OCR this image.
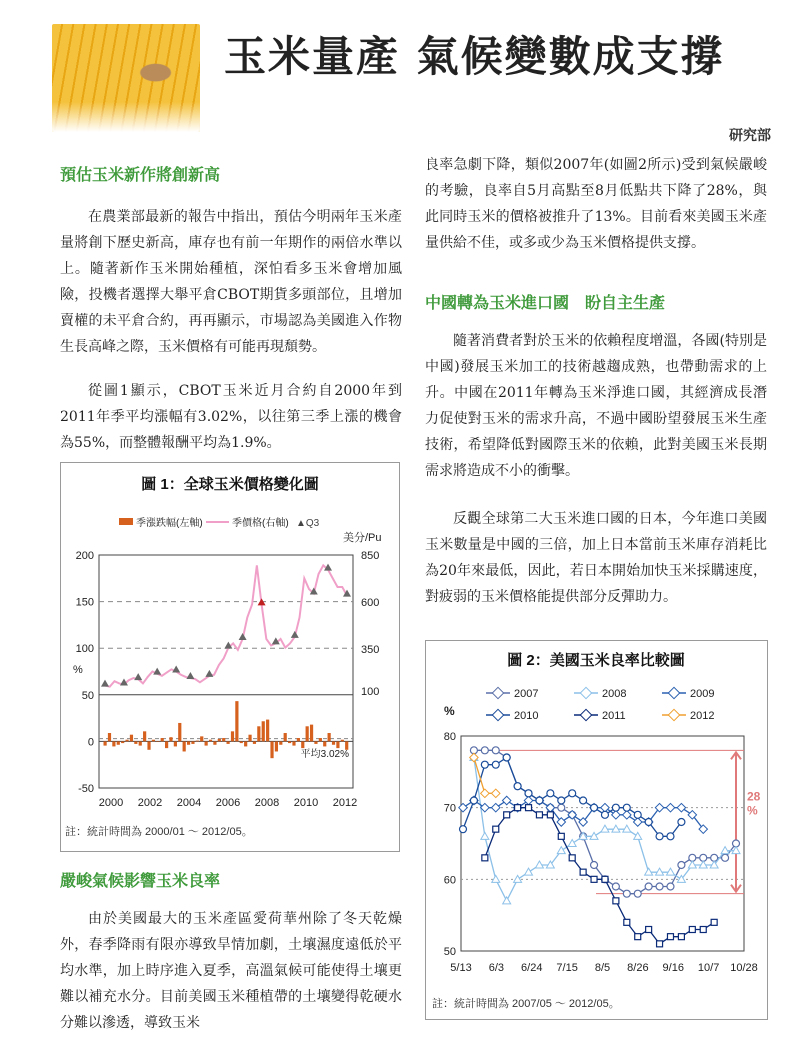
玉米量產 氣候變數成支撐
研究部
預估玉米新作將創新高
在農業部最新的報告中指出，預估今明兩年玉米產量將創下歷史新高，庫存也有前一年期作的兩倍水準以上。隨著新作玉米開始種植，深怕看多玉米會增加風險，投機者選擇大舉平倉CBOT期貨多頭部位，且增加賣權的未平倉合約，再再顯示，市場認為美國進入作物生長高峰之際，玉米價格有可能再現頹勢。
從圖1顯示，CBOT玉米近月合約自2000年到2011年季平均漲幅有3.02%，以往第三季上漲的機會為55%，而整體報酬平均為1.9%。
圖 1：全球玉米價格變化圖
季漲跌幅(左軸)	季價格(右軸) ▲Q3
美分/Pu
%
200
150
100
50
0
-50
850
600
350
100
平均3.02%
2000 2002 2004 2006 2008 2010 2012
註：統計時間為 2000/01 ～ 2012/05。
嚴峻氣候影響玉米良率
由於美國最大的玉米產區愛荷華州除了冬天乾燥外，春季降雨有限亦導致旱情加劇，土壤濕度遠低於平均水準，加上時序進入夏季，高溫氣候可能使得土壤更難以補充水分。目前美國玉米種植帶的土壤變得乾硬水分難以滲透，導致玉米
良率急劇下降，類似2007年(如圖2所示)受到氣候嚴峻的考驗，良率自5月高點至8月低點共下降了28%，與此同時玉米的價格被推升了13%。目前看來美國玉米產量供給不佳，或多或少為玉米價格提供支撐。
中國轉為玉米進口國　盼自主生產
隨著消費者對於玉米的依賴程度增溫，各國(特別是中國)發展玉米加工的技術越趨成熟，也帶動需求的上升。中國在2011年轉為玉米淨進口國，其經濟成長潛力促使對玉米的需求升高，不過中國盼望發展玉米生產技術，希望降低對國際玉米的依賴，此對美國玉米長期需求將造成不小的衝擊。
反觀全球第二大玉米進口國的日本，今年進口美國玉米數量是中國的三倍，加上日本當前玉米庫存消耗比為20年來最低，因此，若日本開始加快玉米採購速度，對疲弱的玉米價格能提供部分反彈助力。
圖 2：美國玉米良率比較圖
2007	2008	2009
2010	2011	2012
%
80
70
60
50
28
%
5/13 6/3 6/24 7/15 8/5 8/26 9/16 10/7 10/28
註：統計時間為 2007/05 ～ 2012/05。
